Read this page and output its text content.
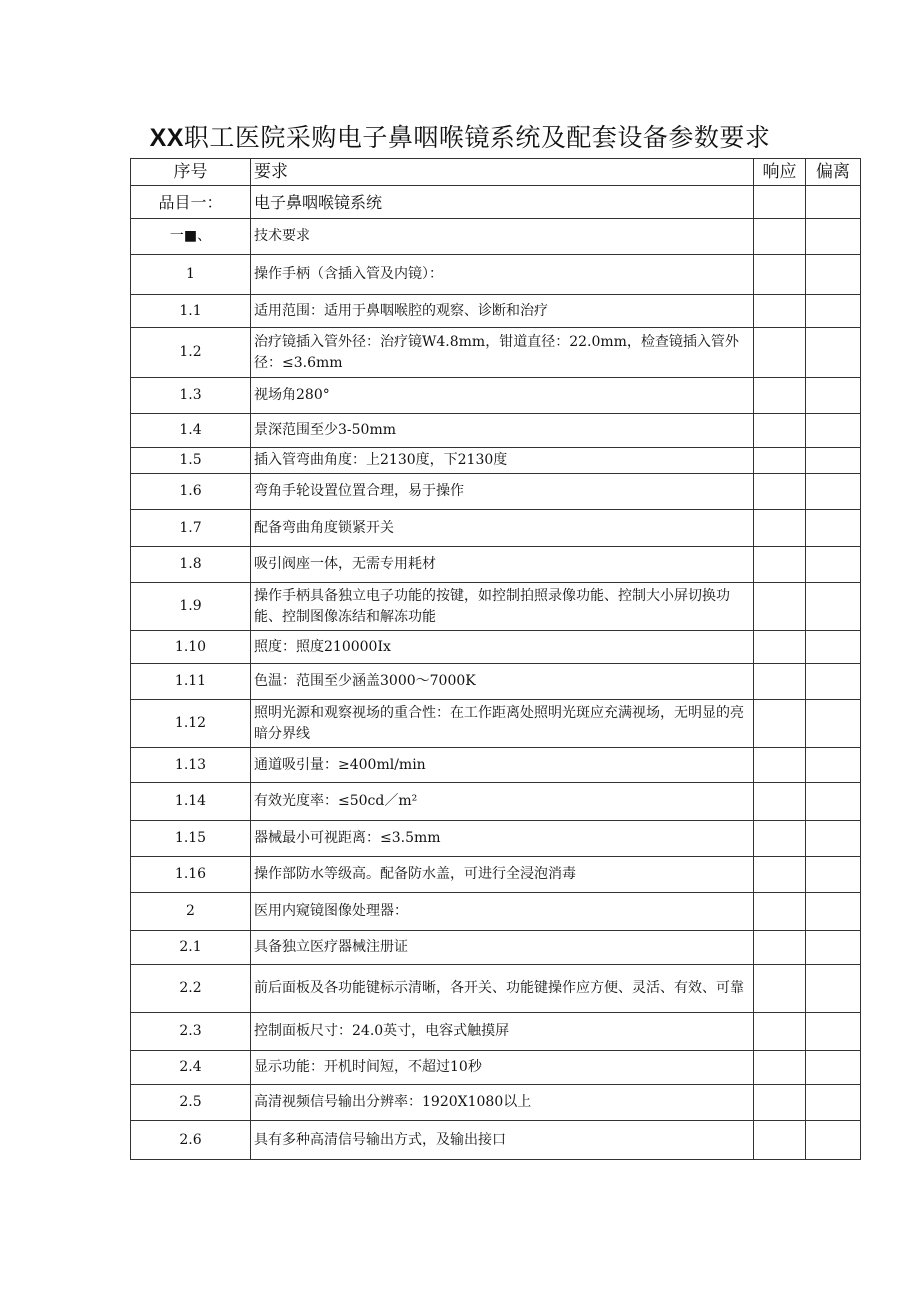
XX职工医院采购电子鼻咽喉镜系统及配套设备参数要求
序号	要求	响应	偏离
品目一：	电子鼻咽喉镜系统		
一■、	技术要求		
1	操作手柄（含插入管及内镜）：		
1.1	适用范围：适用于鼻咽喉腔的观察、诊断和治疗		
1.2	治疗镜插入管外径：治疗镜W4.8mm，钳道直径：22.0mm，检查镜插入管外径：≤3.6mm		
1.3	视场角280°		
1.4	景深范围至少3-50mm		
1.5	插入管弯曲角度：上2130度，下2130度		
1.6	弯角手轮设置位置合理，易于操作		
1.7	配备弯曲角度锁紧开关		
1.8	吸引阀座一体，无需专用耗材		
1.9	操作手柄具备独立电子功能的按键，如控制拍照录像功能、控制大小屏切换功能、控制图像冻结和解冻功能		
1.10	照度：照度210000Ix		
1.11	色温：范围至少涵盖3000～7000K		
1.12	照明光源和观察视场的重合性：在工作距离处照明光斑应充满视场，无明显的亮暗分界线		
1.13	通道吸引量：≥400ml/min		
1.14	有效光度率：≤50cd／m²		
1.15	器械最小可视距离：≤3.5mm		
1.16	操作部防水等级高。配备防水盖，可进行全浸泡消毒		
2	医用内窥镜图像处理器：		
2.1	具备独立医疗器械注册证		
2.2	前后面板及各功能键标示清晰，各开关、功能键操作应方便、灵活、有效、可靠		
2.3	控制面板尺寸：24.0英寸，电容式触摸屏		
2.4	显示功能：开机时间短，不超过10秒		
2.5	高清视频信号输出分辨率：1920X1080以上		
2.6	具有多种高清信号输出方式，及输出接口		
